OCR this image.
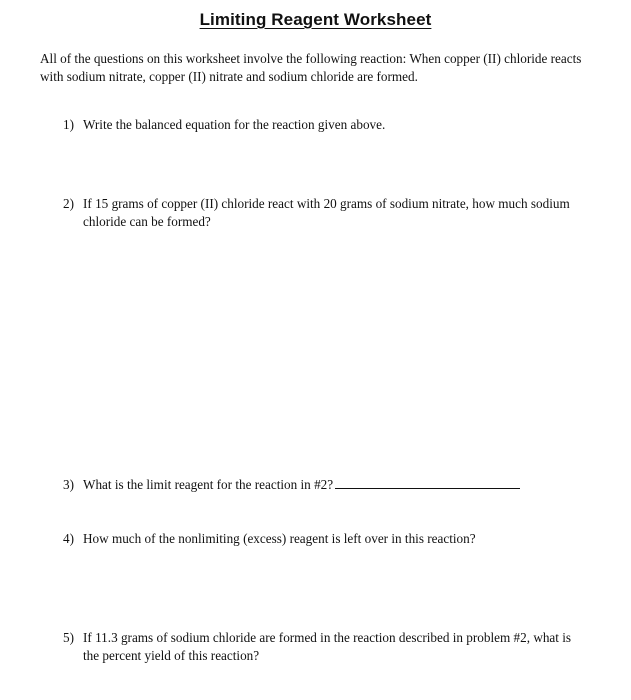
Limiting Reagent Worksheet

All of the questions on this worksheet involve the following reaction: When copper (II) chloride reacts with sodium nitrate, copper (II) nitrate and sodium chloride are formed.

1) Write the balanced equation for the reaction given above.
2) If 15 grams of copper (II) chloride react with 20 grams of sodium nitrate, how much sodium chloride can be formed?
3) What is the limit reagent for the reaction in #2?
4) How much of the nonlimiting (excess) reagent is left over in this reaction?
5) If 11.3 grams of sodium chloride are formed in the reaction described in problem #2, what is the percent yield of this reaction?
